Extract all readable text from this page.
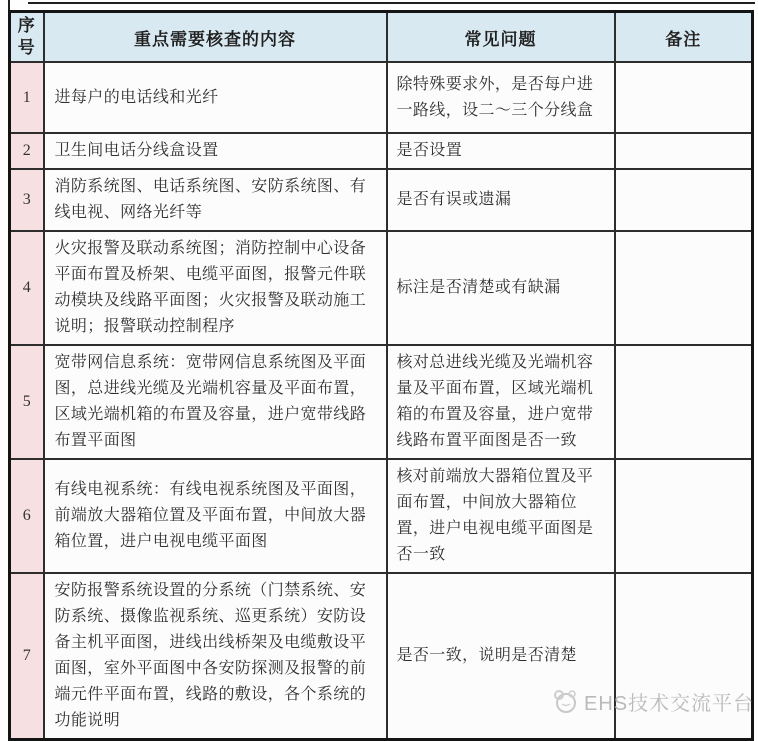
序号	重点需要核查的内容	常见问题	备注
1	进每户的电话线和光纤	除特殊要求外，是否每户进一路线，设二～三个分线盒	
2	卫生间电话分线盒设置	是否设置	
3	消防系统图、电话系统图、安防系统图、有线电视、网络光纤等	是否有误或遗漏	
4	火灾报警及联动系统图；消防控制中心设备平面布置及桥架、电缆平面图，报警元件联动模块及线路平面图；火灾报警及联动施工说明；报警联动控制程序	标注是否清楚或有缺漏	
5	宽带网信息系统：宽带网信息系统图及平面图，总进线光缆及光端机容量及平面布置，区域光端机箱的布置及容量，进户宽带线路布置平面图	核对总进线光缆及光端机容量及平面布置，区域光端机箱的布置及容量，进户宽带线路布置平面图是否一致	
6	有线电视系统：有线电视系统图及平面图，前端放大器箱位置及平面布置，中间放大器箱位置，进户电视电缆平面图	核对前端放大器箱位置及平面布置，中间放大器箱位置，进户电视电缆平面图是否一致	
7	安防报警系统设置的分系统（门禁系统、安防系统、摄像监视系统、巡更系统）安防设备主机平面图，进线出线桥架及电缆敷设平面图，室外平面图中各安防探测及报警的前端元件平面布置，线路的敷设，各个系统的功能说明	是否一致，说明是否清楚	
EHS技术交流平台
